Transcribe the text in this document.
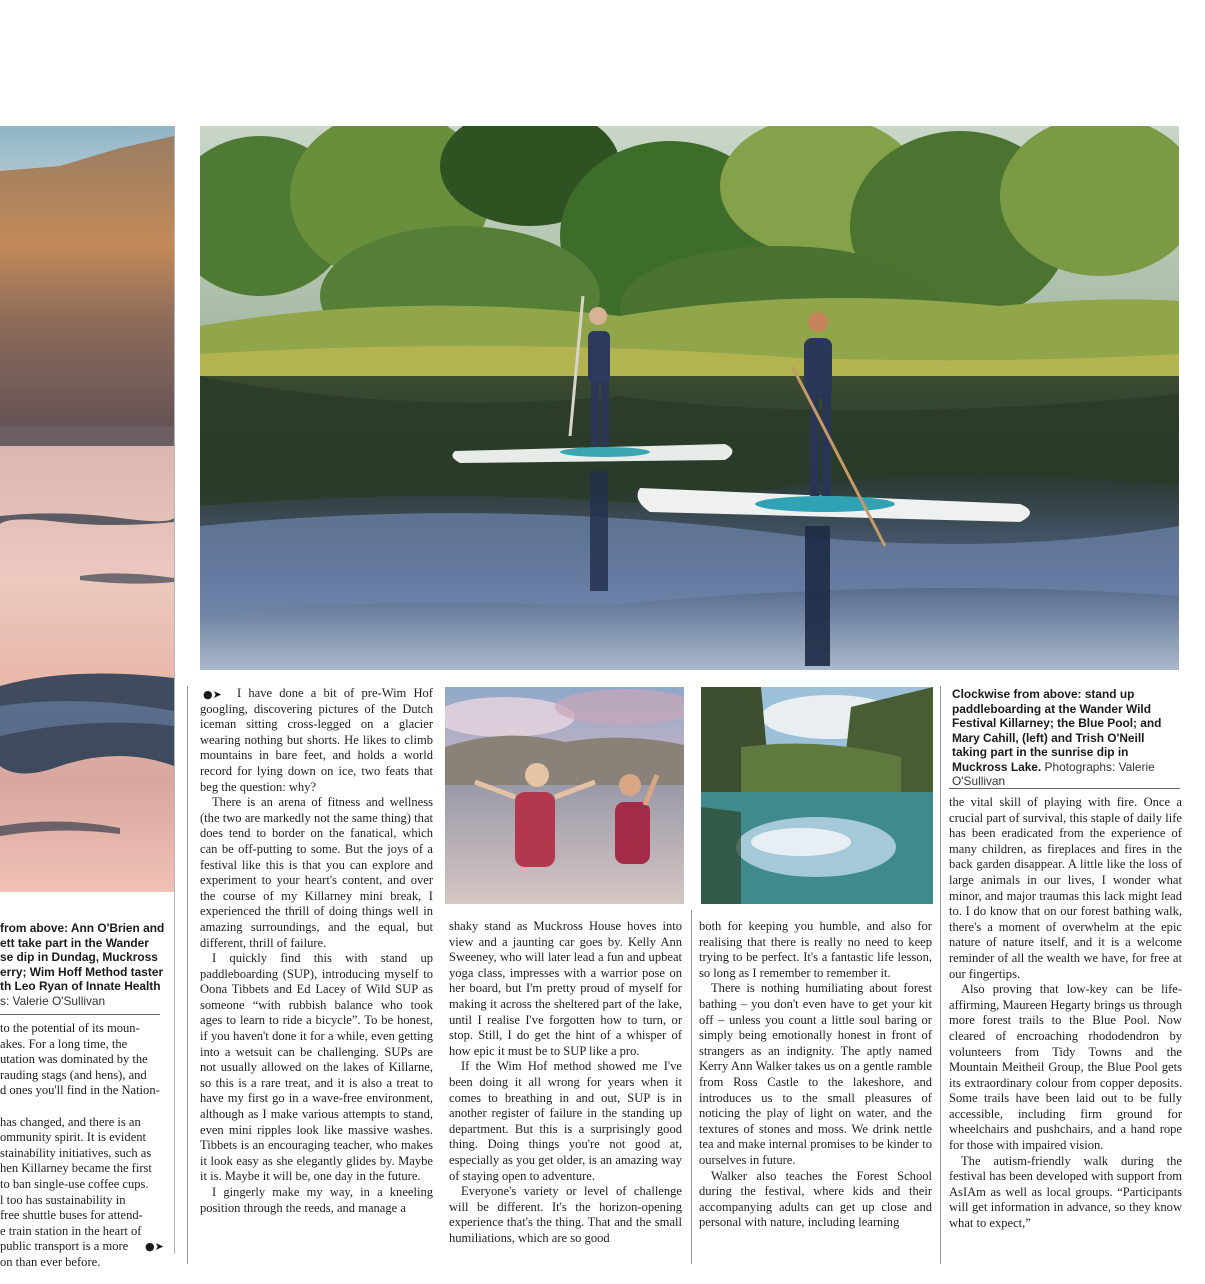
from above: Ann O'Brien and
ett take part in the Wander
se dip in Dundag, Muckross
erry; Wim Hoff Method taster
th Leo Ryan of Innate Health
s: Valerie O'Sullivan
to the potential of its moun-
akes. For a long time, the
utation was dominated by the
rauding stags (and hens), and
d ones you'll find in the Nation-
has changed, and there is an
ommunity spirit. It is evident
stainability initiatives, such as
hen Killarney became the first
to ban single-use coffee cups.
l too has sustainability in
free shuttle buses for attend-
e train station in the heart of
public transport is a more
on than ever before.
●➤
●➤	I have done a bit of pre-Wim Hof googling, discovering pictures of the Dutch iceman sitting cross-legged on a glacier wearing nothing but shorts. He likes to climb mountains in bare feet, and holds a world record for lying down on ice, two feats that beg the question: why?

There is an arena of fitness and wellness (the two are markedly not the same thing) that does tend to border on the fanatical, which can be off-putting to some. But the joys of a festival like this is that you can explore and experiment to your heart's content, and over the course of my Killarney mini break, I experienced the thrill of doing things well in amazing surroundings, and the equal, but different, thrill of failure.

I quickly find this with stand up paddleboarding (SUP), introducing myself to Oona Tibbets and Ed Lacey of Wild SUP as someone “with rubbish balance who took ages to learn to ride a bicycle”. To be honest, if you haven't done it for a while, even getting into a wetsuit can be challenging. SUPs are not usually allowed on the lakes of Killarne, so this is a rare treat, and it is also a treat to have my first go in a wave-free environment, although as I make various attempts to stand, even mini ripples look like massive washes. Tibbets is an encouraging teacher, who makes it look easy as she elegantly glides by. Maybe it is. Maybe it will be, one day in the future.

I gingerly make my way, in a kneeling position through the reeds, and manage a

shaky stand as Muckross House hoves into view and a jaunting car goes by. Kelly Ann Sweeney, who will later lead a fun and upbeat yoga class, impresses with a warrior pose on her board, but I'm pretty proud of myself for making it across the sheltered part of the lake, until I realise I've forgotten how to turn, or stop. Still, I do get the hint of a whisper of how epic it must be to SUP like a pro.

If the Wim Hof method showed me I've been doing it all wrong for years when it comes to breathing in and out, SUP is in another register of failure in the standing up department. But this is a surprisingly good thing. Doing things you're not good at, especially as you get older, is an amazing way of staying open to adventure.

Everyone's variety or level of challenge will be different. It's the horizon-opening experience that's the thing. That and the small humiliations, which are so good

both for keeping you humble, and also for realising that there is really no need to keep trying to be perfect. It's a fantastic life lesson, so long as I remember to remember it.

There is nothing humiliating about forest bathing – you don't even have to get your kit off – unless you count a little soul baring or simply being emotionally honest in front of strangers as an indignity. The aptly named Kerry Ann Walker takes us on a gentle ramble from Ross Castle to the lakeshore, and introduces us to the small pleasures of noticing the play of light on water, and the textures of stones and moss. We drink nettle tea and make internal promises to be kinder to ourselves in future.

Walker also teaches the Forest School during the festival, where kids and their accompanying adults can get up close and personal with nature, including learning

Clockwise from above: stand up paddleboarding at the Wander Wild Festival Killarney; the Blue Pool; and Mary Cahill, (left) and Trish O'Neill taking part in the sunrise dip in Muckross Lake. Photographs: Valerie O'Sullivan

the vital skill of playing with fire. Once a crucial part of survival, this staple of daily life has been eradicated from the experience of many children, as fireplaces and fires in the back garden disappear. A little like the loss of large animals in our lives, I wonder what minor, and major traumas this lack might lead to. I do know that on our forest bathing walk, there's a moment of overwhelm at the epic nature of nature itself, and it is a welcome reminder of all the wealth we have, for free at our fingertips.

Also proving that low-key can be life-affirming, Maureen Hegarty brings us through more forest trails to the Blue Pool. Now cleared of encroaching rhododendron by volunteers from Tidy Towns and the Mountain Meitheil Group, the Blue Pool gets its extraordinary colour from copper deposits. Some trails have been laid out to be fully accessible, including firm ground for wheelchairs and pushchairs, and a hand rope for those with impaired vision.

The autism-friendly walk during the festival has been developed with support from AsIAm as well as local groups. “Participants will get information in advance, so they know what to expect,”
